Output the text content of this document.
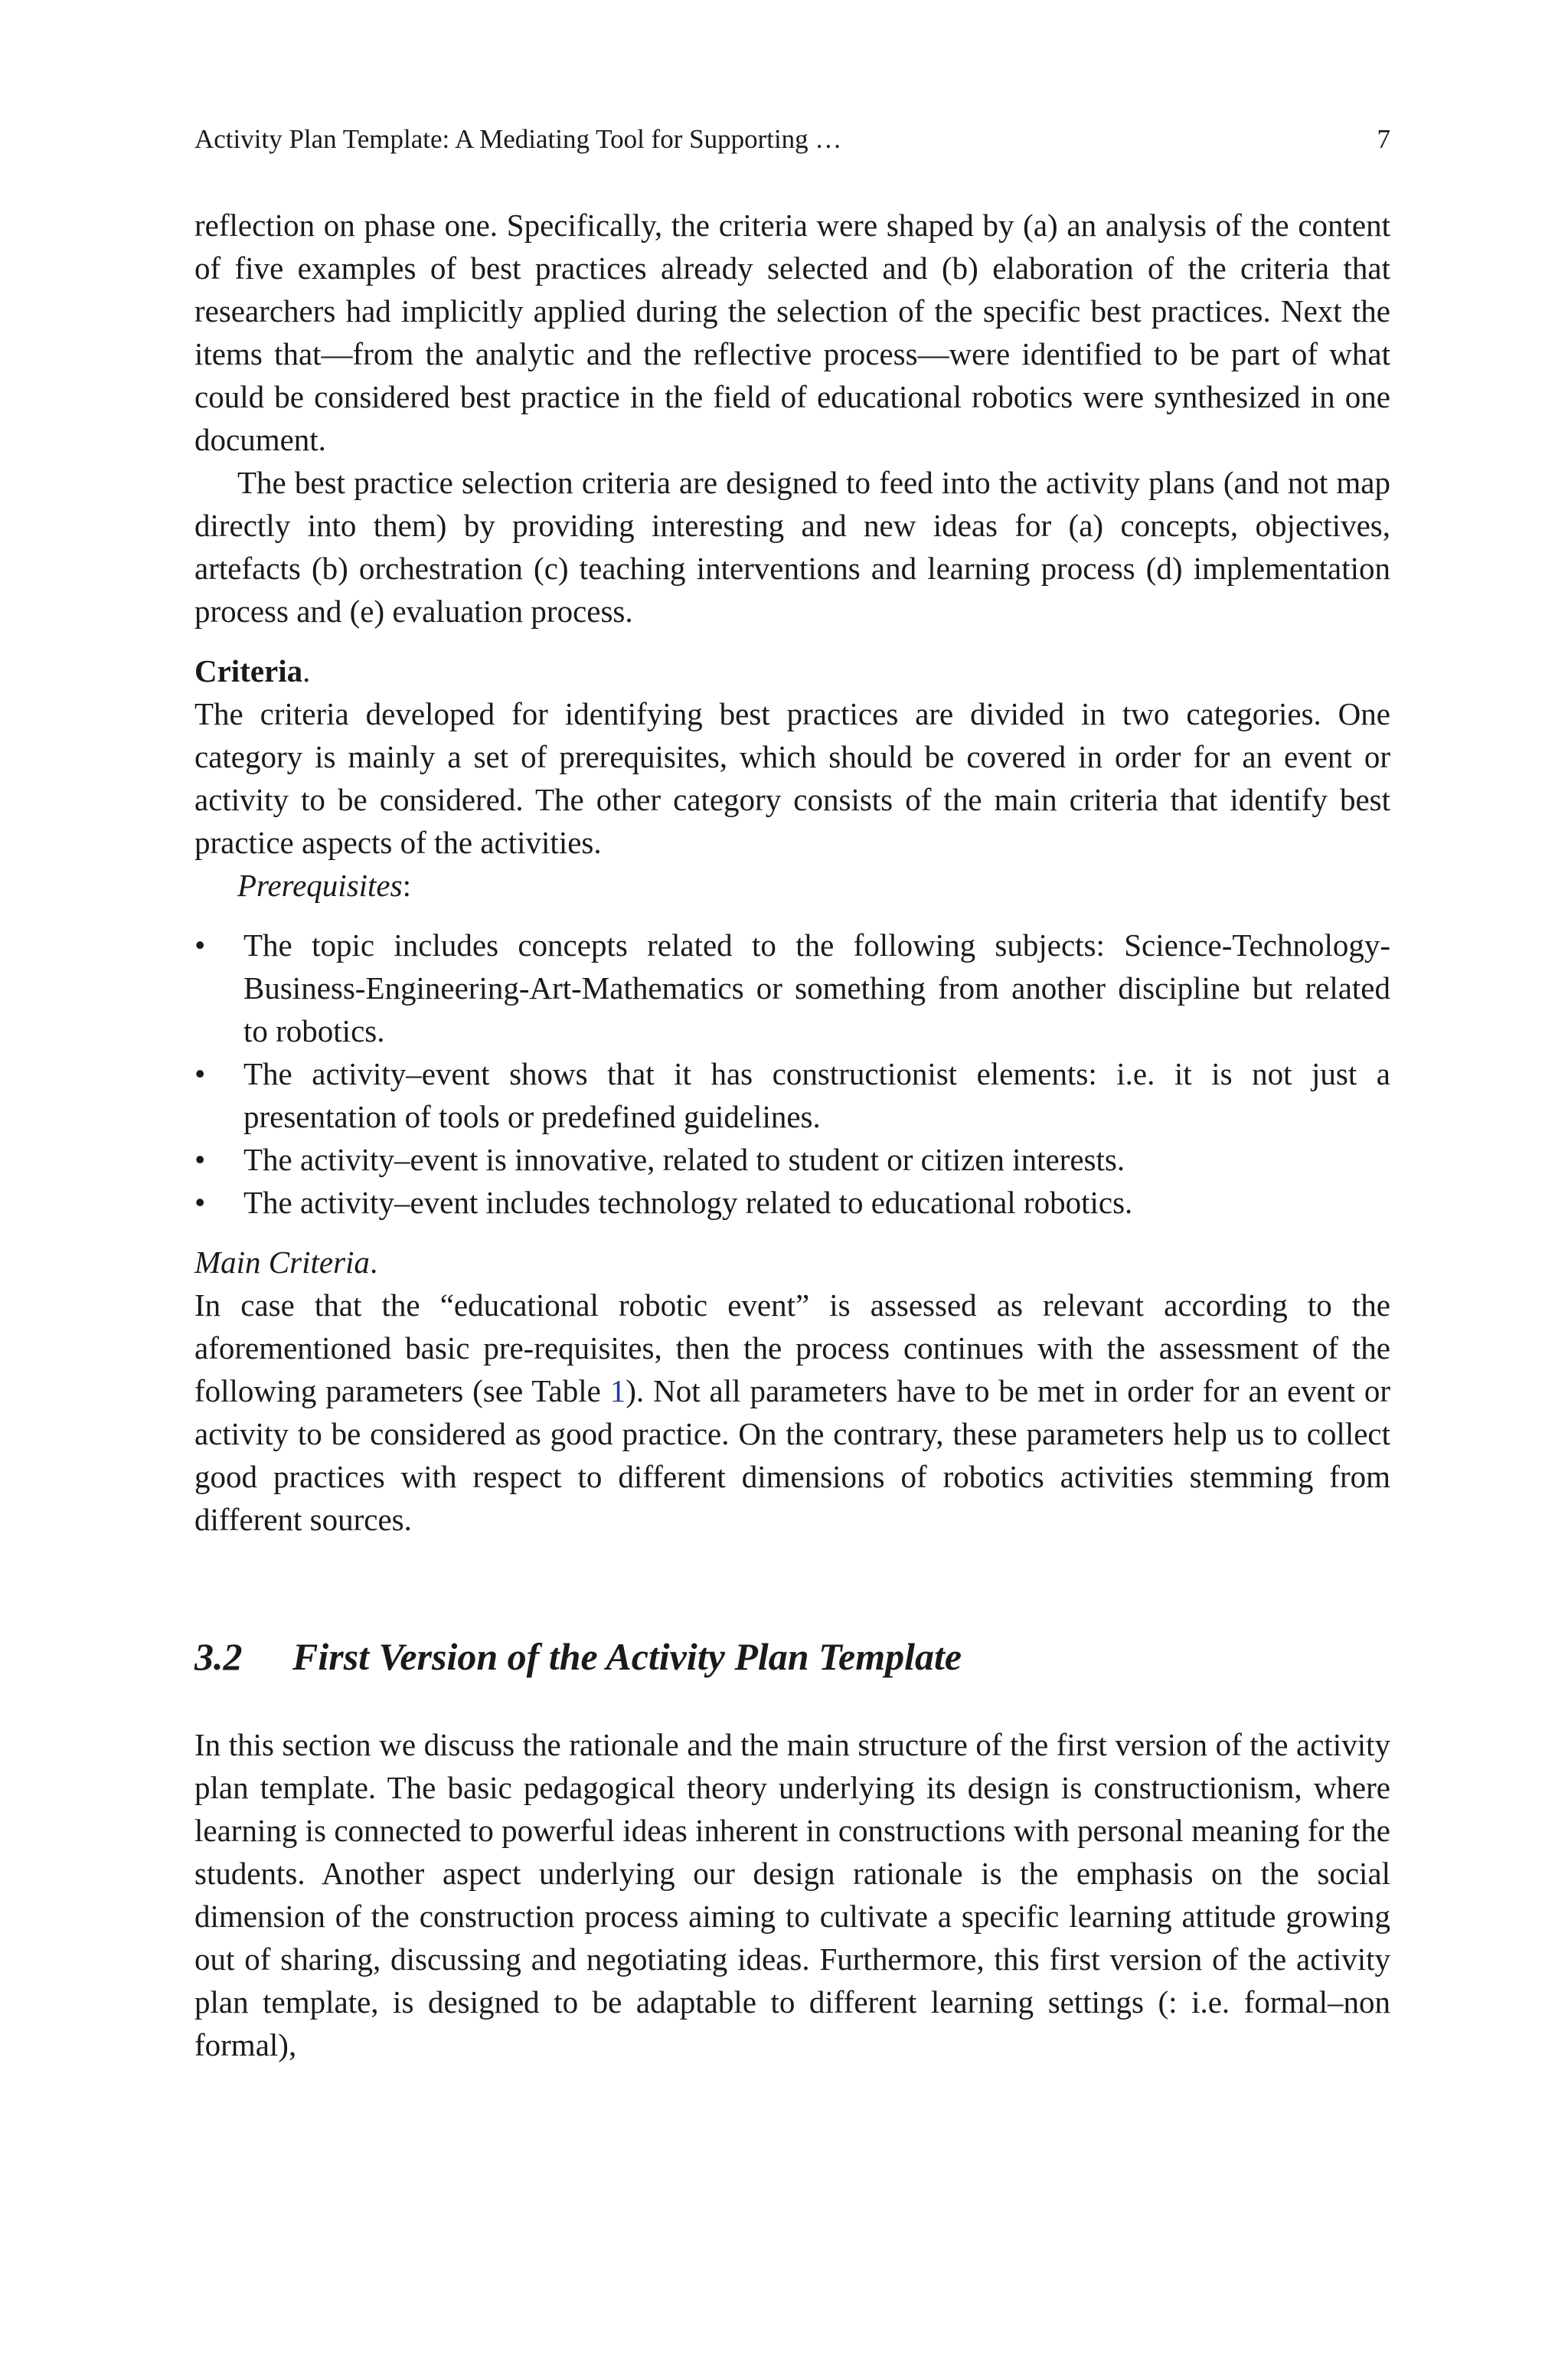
Activity Plan Template: A Mediating Tool for Supporting …	7

reflection on phase one. Specifically, the criteria were shaped by (a) an analysis of the content of five examples of best practices already selected and (b) elaboration of the criteria that researchers had implicitly applied during the selection of the specific best practices. Next the items that—from the analytic and the reflective process—were identified to be part of what could be considered best practice in the field of educational robotics were synthesized in one document.

The best practice selection criteria are designed to feed into the activity plans (and not map directly into them) by providing interesting and new ideas for (a) concepts, objectives, artefacts (b) orchestration (c) teaching interventions and learning process (d) implementation process and (e) evaluation process.

Criteria.

The criteria developed for identifying best practices are divided in two categories. One category is mainly a set of prerequisites, which should be covered in order for an event or activity to be considered. The other category consists of the main criteria that identify best practice aspects of the activities.

Prerequisites:

• The topic includes concepts related to the following subjects: Science-Technology-Business-Engineering-Art-Mathematics or something from another discipline but related to robotics.
• The activity–event shows that it has constructionist elements: i.e. it is not just a presentation of tools or predefined guidelines.
• The activity–event is innovative, related to student or citizen interests.
• The activity–event includes technology related to educational robotics.

Main Criteria.

In case that the “educational robotic event” is assessed as relevant according to the aforementioned basic pre-requisites, then the process continues with the assessment of the following parameters (see Table 1). Not all parameters have to be met in order for an event or activity to be considered as good practice. On the contrary, these parameters help us to collect good practices with respect to different dimensions of robotics activities stemming from different sources.

3.2 First Version of the Activity Plan Template

In this section we discuss the rationale and the main structure of the first version of the activity plan template. The basic pedagogical theory underlying its design is constructionism, where learning is connected to powerful ideas inherent in constructions with personal meaning for the students. Another aspect underlying our design rationale is the emphasis on the social dimension of the construction process aiming to cultivate a specific learning attitude growing out of sharing, discussing and negotiating ideas. Furthermore, this first version of the activity plan template, is designed to be adaptable to different learning settings (: i.e. formal–non formal),
